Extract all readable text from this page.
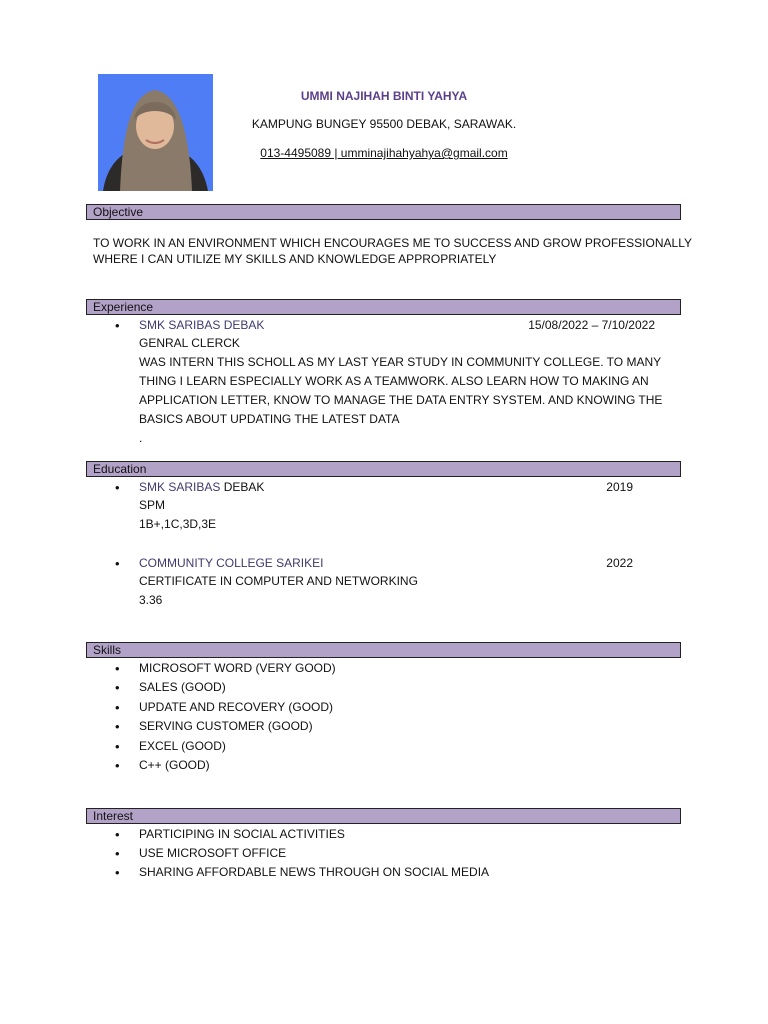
UMMI NAJIHAH BINTI YAHYA
KAMPUNG BUNGEY 95500 DEBAK, SARAWAK.
013-4495089 | umminajihahyahya@gmail.com
Objective
TO WORK IN AN ENVIRONMENT WHICH ENCOURAGES ME TO SUCCESS AND GROW PROFESSIONALLY
WHERE I CAN UTILIZE MY SKILLS AND KNOWLEDGE APPROPRIATELY
Experience
• SMK SARIBAS DEBAK	15/08/2022 – 7/10/2022
GENRAL CLERCK
WAS INTERN THIS SCHOLL AS MY LAST YEAR STUDY IN COMMUNITY COLLEGE. TO MANY
THING I LEARN ESPECIALLY WORK AS A TEAMWORK. ALSO LEARN HOW TO MAKING AN
APPLICATION LETTER, KNOW TO MANAGE THE DATA ENTRY SYSTEM. AND KNOWING THE
BASICS ABOUT UPDATING THE LATEST DATA
.
Education
• SMK SARIBAS DEBAK	2019
SPM
1B+,1C,3D,3E
• COMMUNITY COLLEGE SARIKEI	2022
CERTIFICATE IN COMPUTER AND NETWORKING
3.36
Skills
• MICROSOFT WORD (VERY GOOD)
• SALES (GOOD)
• UPDATE AND RECOVERY (GOOD)
• SERVING CUSTOMER (GOOD)
• EXCEL (GOOD)
• C++ (GOOD)
Interest
• PARTICIPING IN SOCIAL ACTIVITIES
• USE MICROSOFT OFFICE
• SHARING AFFORDABLE NEWS THROUGH ON SOCIAL MEDIA
